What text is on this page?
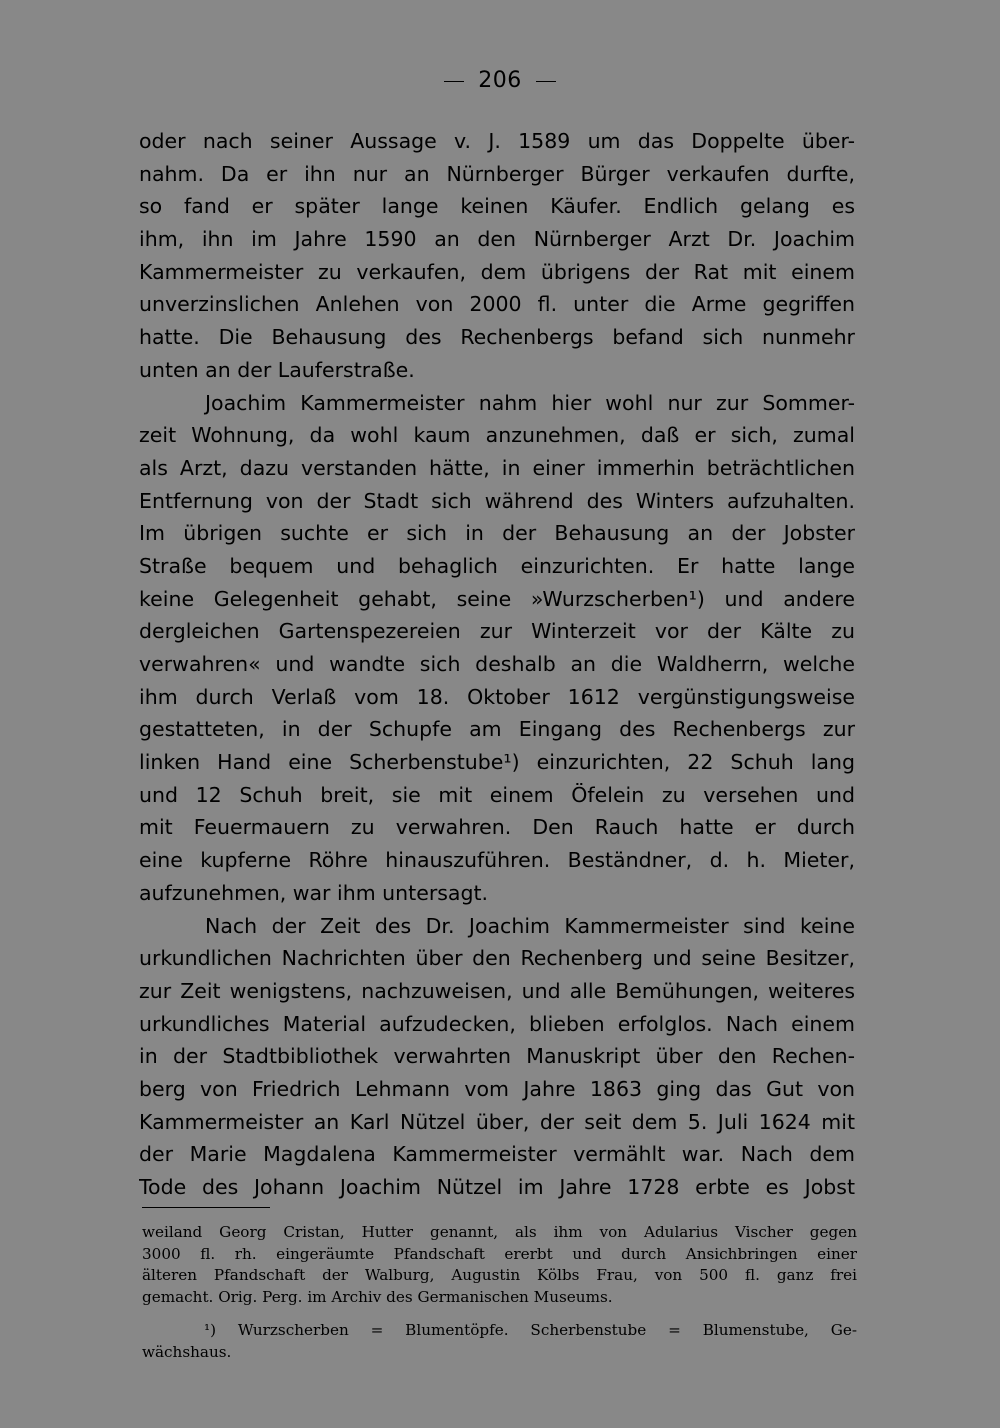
206
oder nach seiner Aussage v. J. 1589 um das Doppelte über-
nahm. Da er ihn nur an Nürnberger Bürger verkaufen durfte,
so fand er später lange keinen Käufer. Endlich gelang es
ihm, ihn im Jahre 1590 an den Nürnberger Arzt Dr. Joachim
Kammermeister zu verkaufen, dem übrigens der Rat mit einem
unverzinslichen Anlehen von 2000 fl. unter die Arme gegriffen
hatte. Die Behausung des Rechenbergs befand sich nunmehr
unten an der Lauferstraße.
Joachim Kammermeister nahm hier wohl nur zur Sommer-
zeit Wohnung, da wohl kaum anzunehmen, daß er sich, zumal
als Arzt, dazu verstanden hätte, in einer immerhin beträchtlichen
Entfernung von der Stadt sich während des Winters aufzuhalten.
Im übrigen suchte er sich in der Behausung an der Jobster
Straße bequem und behaglich einzurichten. Er hatte lange
keine Gelegenheit gehabt, seine »Wurzscherben¹) und andere
dergleichen Gartenspezereien zur Winterzeit vor der Kälte zu
verwahren« und wandte sich deshalb an die Waldherrn, welche
ihm durch Verlaß vom 18. Oktober 1612 vergünstigungsweise
gestatteten, in der Schupfe am Eingang des Rechenbergs zur
linken Hand eine Scherbenstube¹) einzurichten, 22 Schuh lang
und 12 Schuh breit, sie mit einem Öfelein zu versehen und
mit Feuermauern zu verwahren. Den Rauch hatte er durch
eine kupferne Röhre hinauszuführen. Beständner, d. h. Mieter,
aufzunehmen, war ihm untersagt.
Nach der Zeit des Dr. Joachim Kammermeister sind keine
urkundlichen Nachrichten über den Rechenberg und seine Besitzer,
zur Zeit wenigstens, nachzuweisen, und alle Bemühungen, weiteres
urkundliches Material aufzudecken, blieben erfolglos. Nach einem
in der Stadtbibliothek verwahrten Manuskript über den Rechen-
berg von Friedrich Lehmann vom Jahre 1863 ging das Gut von
Kammermeister an Karl Nützel über, der seit dem 5. Juli 1624 mit
der Marie Magdalena Kammermeister vermählt war. Nach dem
Tode des Johann Joachim Nützel im Jahre 1728 erbte es Jobst
weiland Georg Cristan, Hutter genannt, als ihm von Adularius Vischer gegen
3000 fl. rh. eingeräumte Pfandschaft ererbt und durch Ansichbringen einer
älteren Pfandschaft der Walburg, Augustin Kölbs Frau, von 500 fl. ganz frei
gemacht. Orig. Perg. im Archiv des Germanischen Museums.
¹) Wurzscherben = Blumentöpfe. Scherbenstube = Blumenstube, Ge-
wächshaus.
